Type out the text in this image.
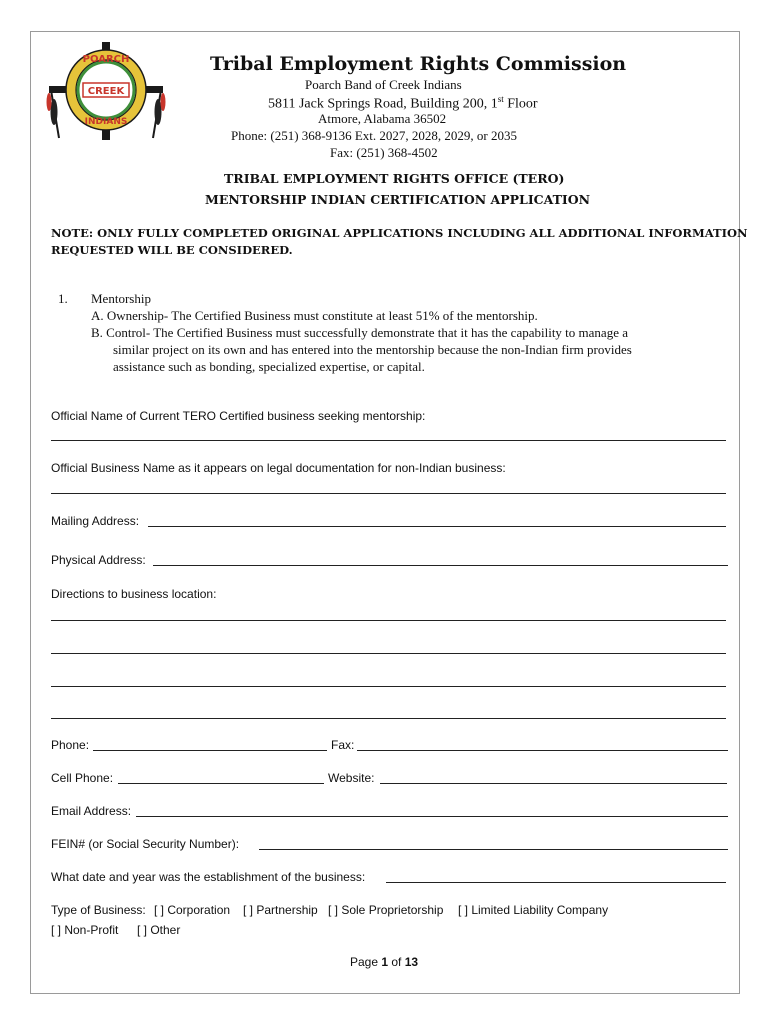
POARCH
CREEK
INDIANS
Tribal Employment Rights Commission
Poarch Band of Creek Indians
5811 Jack Springs Road, Building 200, 1st Floor
Atmore, Alabama 36502
Phone: (251) 368-9136 Ext. 2027, 2028, 2029, or 2035
Fax: (251) 368-4502
TRIBAL EMPLOYMENT RIGHTS OFFICE (TERO)
MENTORSHIP INDIAN CERTIFICATION APPLICATION
NOTE: ONLY FULLY COMPLETED ORIGINAL APPLICATIONS INCLUDING ALL ADDITIONAL INFORMATION
REQUESTED WILL BE CONSIDERED.
1. Mentorship
A. Ownership- The Certified Business must constitute at least 51% of the mentorship.
B. Control- The Certified Business must successfully demonstrate that it has the capability to manage a
similar project on its own and has entered into the mentorship because the non-Indian firm provides
assistance such as bonding, specialized expertise, or capital.
Official Name of Current TERO Certified business seeking mentorship:
Official Business Name as it appears on legal documentation for non-Indian business:
Mailing Address:
Physical Address:
Directions to business location:
Phone:	Fax:
Cell Phone:	Website:
Email Address:
FEIN# (or Social Security Number):
What date and year was the establishment of the business:
Type of Business: [ ] Corporation [ ] Partnership [ ] Sole Proprietorship [ ] Limited Liability Company
[ ] Non-Profit [ ] Other
Page 1 of 13
